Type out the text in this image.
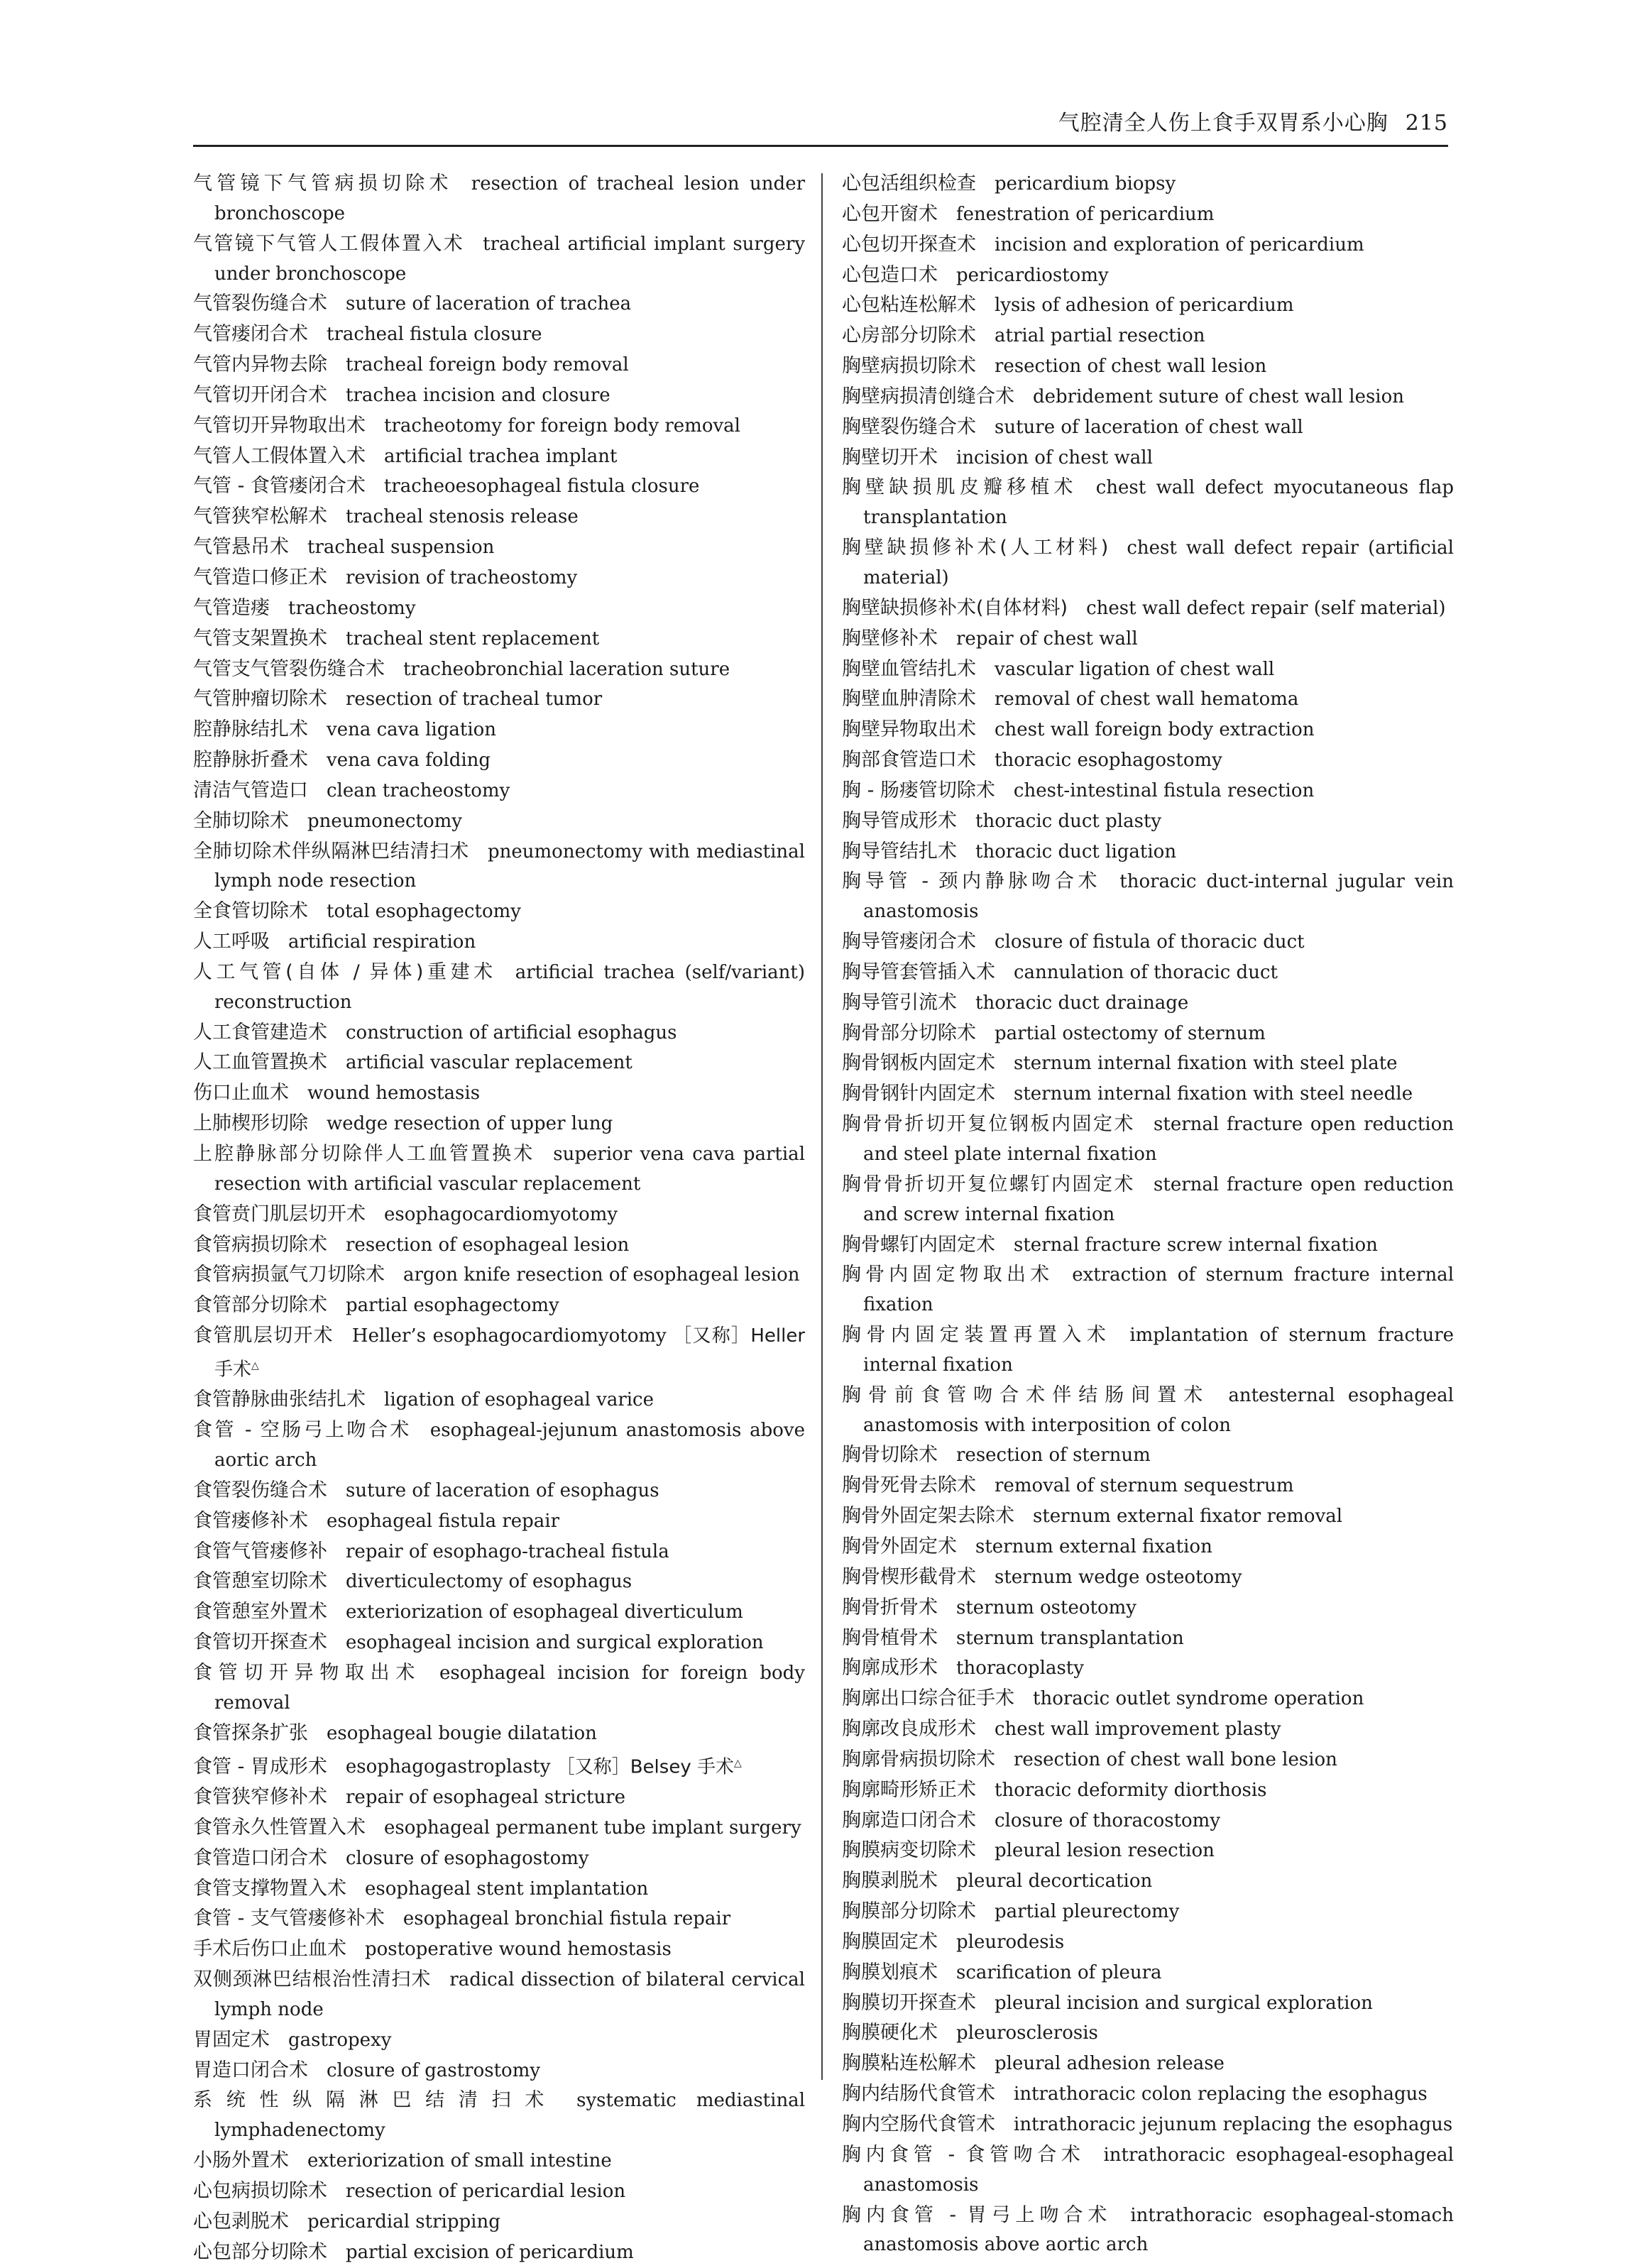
气腔清全人伤上食手双胃系小心胸 215

气管镜下气管病损切除术 resection of tracheal lesion under bronchoscope

气管镜下气管人工假体置入术 tracheal artificial implant surgery under bronchoscope

气管裂伤缝合术 suture of laceration of trachea

气管瘘闭合术 tracheal fistula closure

气管内异物去除 tracheal foreign body removal

气管切开闭合术 trachea incision and closure

气管切开异物取出术 tracheotomy for foreign body removal

气管人工假体置入术 artificial trachea implant

气管 - 食管瘘闭合术 tracheoesophageal fistula closure

气管狭窄松解术 tracheal stenosis release

气管悬吊术 tracheal suspension

气管造口修正术 revision of tracheostomy

气管造瘘 tracheostomy

气管支架置换术 tracheal stent replacement

气管支气管裂伤缝合术 tracheobronchial laceration suture

气管肿瘤切除术 resection of tracheal tumor

腔静脉结扎术 vena cava ligation

腔静脉折叠术 vena cava folding

清洁气管造口 clean tracheostomy

全肺切除术 pneumonectomy

全肺切除术伴纵隔淋巴结清扫术 pneumonectomy with mediastinal lymph node resection

全食管切除术 total esophagectomy

人工呼吸 artificial respiration

人工气管(自体 / 异体)重建术 artificial trachea (self/variant) reconstruction

人工食管建造术 construction of artificial esophagus

人工血管置换术 artificial vascular replacement

伤口止血术 wound hemostasis

上肺楔形切除 wedge resection of upper lung

上腔静脉部分切除伴人工血管置换术 superior vena cava partial resection with artificial vascular replacement

食管贲门肌层切开术 esophagocardiomyotomy

食管病损切除术 resection of esophageal lesion

食管病损氩气刀切除术 argon knife resection of esophageal lesion

食管部分切除术 partial esophagectomy

食管肌层切开术 Heller’s esophagocardiomyotomy ［又称］Heller 手术△

食管静脉曲张结扎术 ligation of esophageal varice

食管 - 空肠弓上吻合术 esophageal-jejunum anastomosis above aortic arch

食管裂伤缝合术 suture of laceration of esophagus

食管瘘修补术 esophageal fistula repair

食管气管瘘修补 repair of esophago-tracheal fistula

食管憩室切除术 diverticulectomy of esophagus

食管憩室外置术 exteriorization of esophageal diverticulum

食管切开探查术 esophageal incision and surgical exploration

食管切开异物取出术 esophageal incision for foreign body removal

食管探条扩张 esophageal bougie dilatation

食管 - 胃成形术 esophagogastroplasty ［又称］Belsey 手术△

食管狭窄修补术 repair of esophageal stricture

食管永久性管置入术 esophageal permanent tube implant surgery

食管造口闭合术 closure of esophagostomy

食管支撑物置入术 esophageal stent implantation

食管 - 支气管瘘修补术 esophageal bronchial fistula repair

手术后伤口止血术 postoperative wound hemostasis

双侧颈淋巴结根治性清扫术 radical dissection of bilateral cervical lymph node

胃固定术 gastropexy

胃造口闭合术 closure of gastrostomy

系统性纵隔淋巴结清扫术 systematic mediastinal lymphadenectomy

小肠外置术 exteriorization of small intestine

心包病损切除术 resection of pericardial lesion

心包剥脱术 pericardial stripping

心包部分切除术 partial excision of pericardium

心包活组织检查 pericardium biopsy

心包开窗术 fenestration of pericardium

心包切开探查术 incision and exploration of pericardium

心包造口术 pericardiostomy

心包粘连松解术 lysis of adhesion of pericardium

心房部分切除术 atrial partial resection

胸壁病损切除术 resection of chest wall lesion

胸壁病损清创缝合术 debridement suture of chest wall lesion

胸壁裂伤缝合术 suture of laceration of chest wall

胸壁切开术 incision of chest wall

胸壁缺损肌皮瓣移植术 chest wall defect myocutaneous flap transplantation

胸壁缺损修补术(人工材料) chest wall defect repair (artificial material)

胸壁缺损修补术(自体材料) chest wall defect repair (self material)

胸壁修补术 repair of chest wall

胸壁血管结扎术 vascular ligation of chest wall

胸壁血肿清除术 removal of chest wall hematoma

胸壁异物取出术 chest wall foreign body extraction

胸部食管造口术 thoracic esophagostomy

胸 - 肠瘘管切除术 chest-intestinal fistula resection

胸导管成形术 thoracic duct plasty

胸导管结扎术 thoracic duct ligation

胸导管 - 颈内静脉吻合术 thoracic duct-internal jugular vein anastomosis

胸导管瘘闭合术 closure of fistula of thoracic duct

胸导管套管插入术 cannulation of thoracic duct

胸导管引流术 thoracic duct drainage

胸骨部分切除术 partial ostectomy of sternum

胸骨钢板内固定术 sternum internal fixation with steel plate

胸骨钢针内固定术 sternum internal fixation with steel needle

胸骨骨折切开复位钢板内固定术 sternal fracture open reduction and steel plate internal fixation

胸骨骨折切开复位螺钉内固定术 sternal fracture open reduction and screw internal fixation

胸骨螺钉内固定术 sternal fracture screw internal fixation

胸骨内固定物取出术 extraction of sternum fracture internal fixation

胸骨内固定装置再置入术 implantation of sternum fracture internal fixation

胸骨前食管吻合术伴结肠间置术 antesternal esophageal anastomosis with interposition of colon

胸骨切除术 resection of sternum

胸骨死骨去除术 removal of sternum sequestrum

胸骨外固定架去除术 sternum external fixator removal

胸骨外固定术 sternum external fixation

胸骨楔形截骨术 sternum wedge osteotomy

胸骨折骨术 sternum osteotomy

胸骨植骨术 sternum transplantation

胸廓成形术 thoracoplasty

胸廓出口综合征手术 thoracic outlet syndrome operation

胸廓改良成形术 chest wall improvement plasty

胸廓骨病损切除术 resection of chest wall bone lesion

胸廓畸形矫正术 thoracic deformity diorthosis

胸廓造口闭合术 closure of thoracostomy

胸膜病变切除术 pleural lesion resection

胸膜剥脱术 pleural decortication

胸膜部分切除术 partial pleurectomy

胸膜固定术 pleurodesis

胸膜划痕术 scarification of pleura

胸膜切开探查术 pleural incision and surgical exploration

胸膜硬化术 pleurosclerosis

胸膜粘连松解术 pleural adhesion release

胸内结肠代食管术 intrathoracic colon replacing the esophagus

胸内空肠代食管术 intrathoracic jejunum replacing the esophagus

胸内食管 - 食管吻合术 intrathoracic esophageal-esophageal anastomosis

胸内食管 - 胃弓上吻合术 intrathoracic esophageal-stomach anastomosis above aortic arch
